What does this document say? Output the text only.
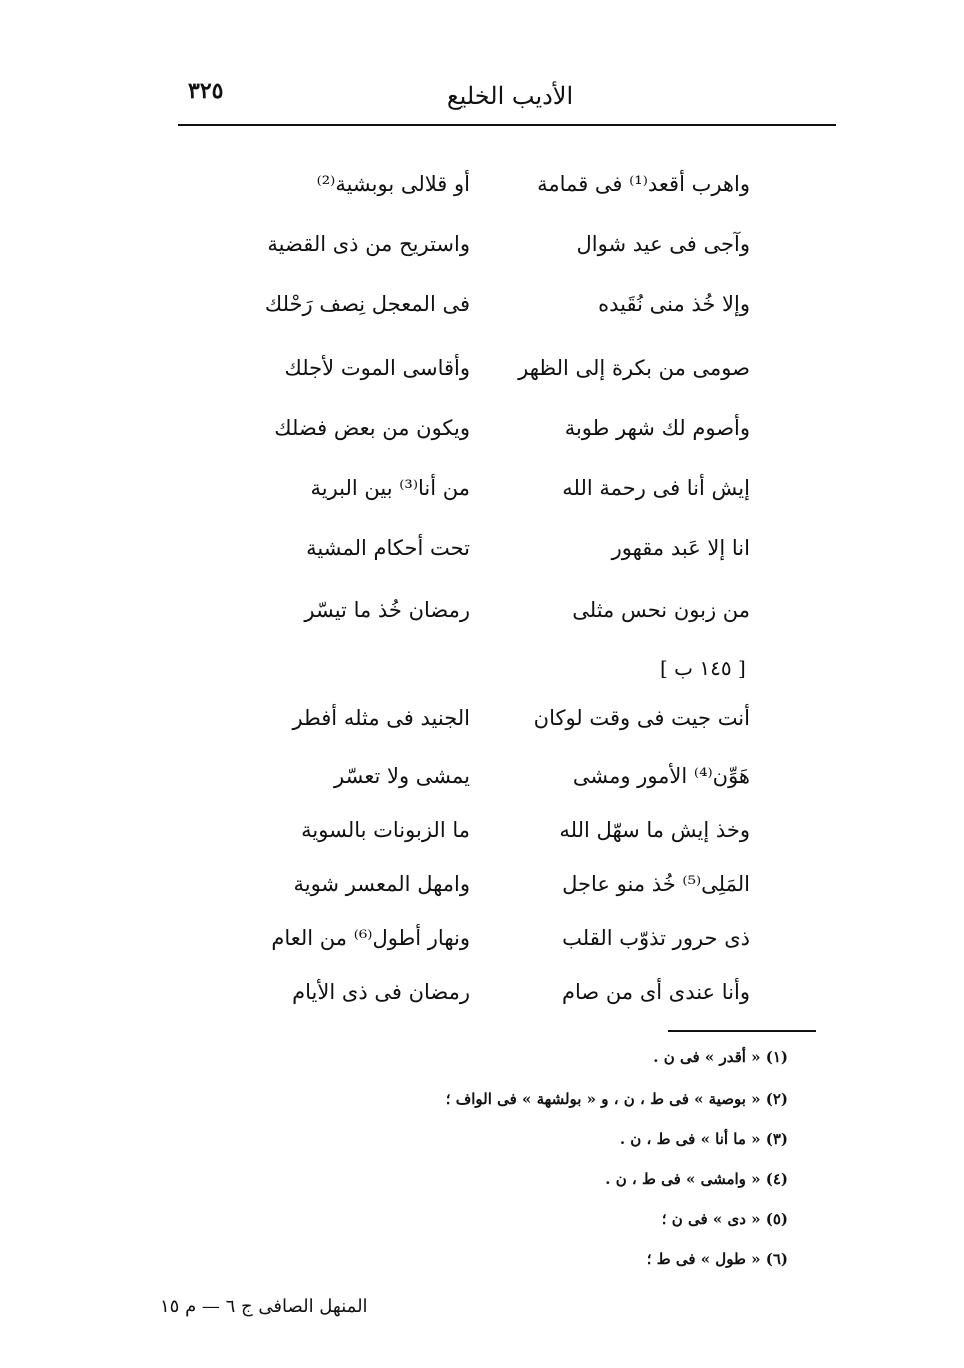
٣٢٥	الأديب الخليع
واهرب أقعد⁽¹⁾ فى قمامة
أو قلالى بوبشية⁽²⁾
وآجى فى عيد شوال
واستريح من ذى القضية
وإلا خُذ منى نُقَيده
فى المعجل نِصف رَحْلك
صومى من بكرة إلى الظهر
وأقاسى الموت لأجلك
وأصوم لك شهر طوبة
ويكون من بعض فضلك
إيش أنا فى رحمة الله
من أنا⁽³⁾ بين البرية
انا إلا عَبد مقهور
تحت أحكام المشية
من زبون نحس مثلى
رمضان خُذ ما تيسّر
[ ١٤٥ ب ]
أنت جيت فى وقت لوكان
الجنيد فى مثله أفطر
هَوِّن⁽⁴⁾ الأمور ومشى
يمشى ولا تعسّر
وخذ إيش ما سهّل الله
ما الزبونات بالسوية
المَلِى⁽⁵⁾ خُذ منو عاجل
وامهل المعسر شوية
ذى حرور تذوّب القلب
ونهار أطول⁽⁶⁾ من العام
وأنا عندى أى من صام
رمضان فى ذى الأيام
(١) « أقدر » فى ن .
(٢) « بوصية » فى ط ، ن ، و « بولشهة » فى الواف ؛
(٣) « ما أنا » فى ط ، ن .
(٤) « وامشى » فى ط ، ن .
(٥) « دى » فى ن ؛
(٦) « طول » فى ط ؛
المنهل الصافى ج ٦ — م ١٥
